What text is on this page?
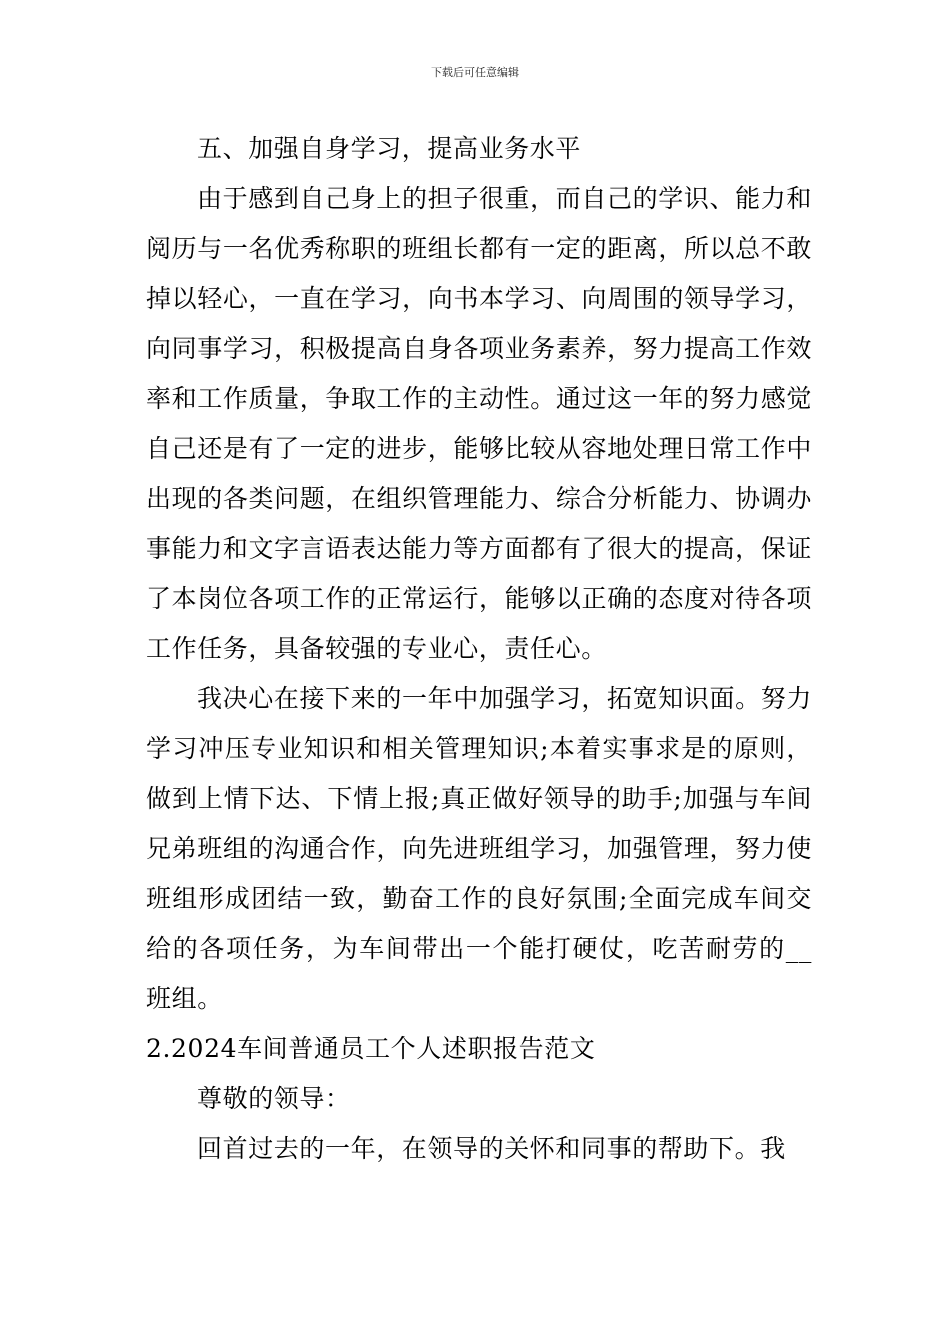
下载后可任意编辑

五、加强自身学习，提高业务水平

由于感到自己身上的担子很重，而自己的学识、能力和阅历与一名优秀称职的班组长都有一定的距离，所以总不敢掉以轻心，一直在学习，向书本学习、向周围的领导学习，向同事学习，积极提高自身各项业务素养，努力提高工作效率和工作质量，争取工作的主动性。通过这一年的努力感觉自己还是有了一定的进步，能够比较从容地处理日常工作中出现的各类问题，在组织管理能力、综合分析能力、协调办事能力和文字言语表达能力等方面都有了很大的提高，保证了本岗位各项工作的正常运行，能够以正确的态度对待各项工作任务，具备较强的专业心，责任心。

我决心在接下来的一年中加强学习，拓宽知识面。努力学习冲压专业知识和相关管理知识;本着实事求是的原则，做到上情下达、下情上报;真正做好领导的助手;加强与车间兄弟班组的沟通合作，向先进班组学习，加强管理，努力使班组形成团结一致，勤奋工作的良好氛围;全面完成车间交给的各项任务，为车间带出一个能打硬仗，吃苦耐劳的__班组。

2.2024车间普通员工个人述职报告范文

尊敬的领导：

回首过去的一年，在领导的关怀和同事的帮助下。我
